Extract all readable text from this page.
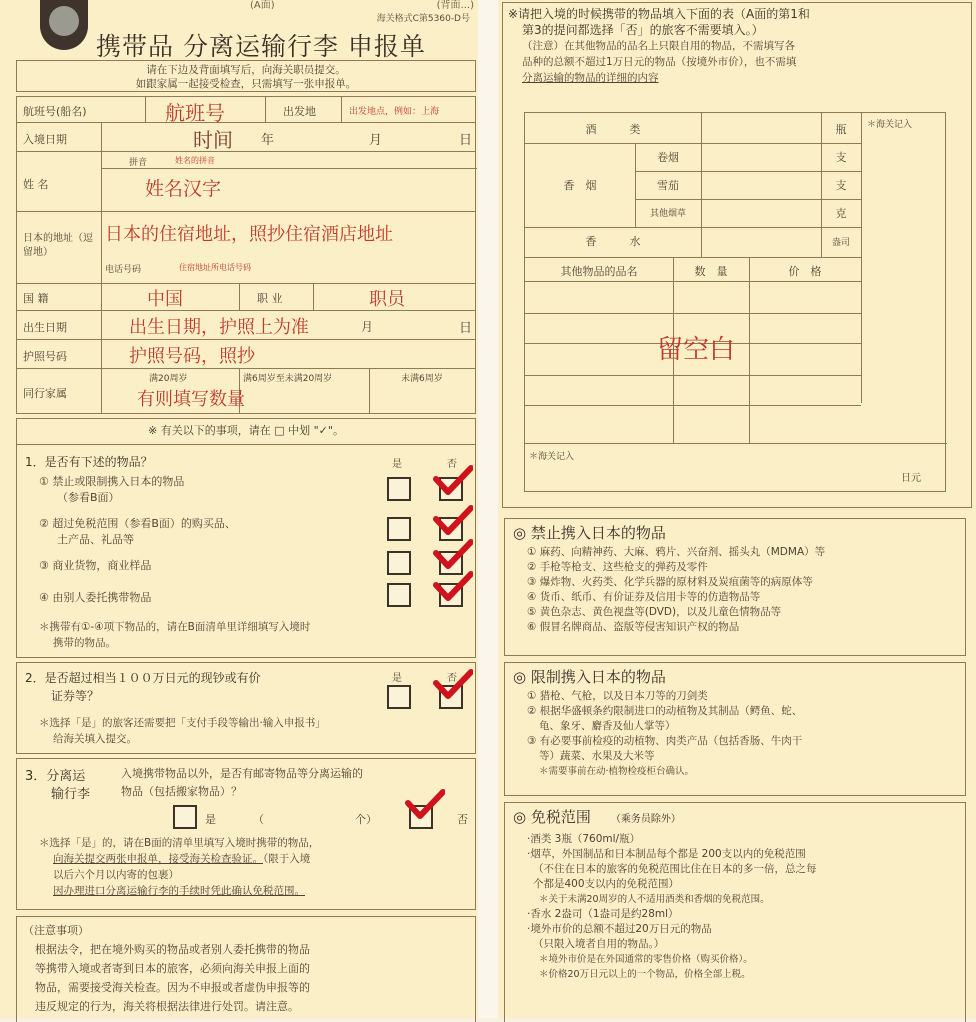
(A面)	(背面...)
海关格式C第5360-D号
携带品 分离运输行李 申报单
请在下边及背面填写后，向海关职员提交。
如跟家属一起接受检查，只需填写一张申报单。
航班号(船名)	航班号	出发地	出发地点，例如：上海
入境日期	时间 年	月	日
拼音	姓名的拼音
姓 名	姓名汉字
日本的地址（逗留地）
日本的住宿地址，照抄住宿酒店地址
电话号码	住宿地址所电话号码
国 籍	中国	职 业	职员
出生日期	出生日期，护照上为准	月	日
护照号码	护照号码，照抄
同行家属
满20周岁	满6周岁至未满20周岁	未满6周岁
有则填写数量
※ 有关以下的事项，请在 □ 中划 "✓"。
1．是否有下述的物品？	是	否
① 禁止或限制携入日本的物品
（参看B面）
② 超过免税范围（参看B面）的购买品、
土产品、礼品等
③ 商业货物，商业样品
④ 由别人委托携带物品
＊携带有①-④项下物品的，请在B面清单里详细填写入境时
携带的物品。
2．是否超过相当１００万日元的现钞或有价
证券等？
是	否
＊选择「是」的旅客还需要把「支付手段等输出·输入申报书」
给海关填入提交。
3．分离运
输行李
入境携带物品以外，是否有邮寄物品等分离运输的
物品（包括搬家物品）？
是	（	个）	否
＊选择「是」的，请在B面的清单里填写入境时携带的物品，
向海关提交两张申报单，接受海关检查验证。（限于入境
以后六个月以内寄的包裹）
因办理进口分离运输行李的手续时凭此确认免税范围。
（注意事项）
根据法令，把在境外购买的物品或者别人委托携带的物品
等携带入境或者寄到日本的旅客，必须向海关申报上面的
物品，需要接受海关检查。因为不申报或者虚伪申报等的
违反规定的行为，海关将根据法律进行处罚。请注意。
※请把入境的时候携带的物品填入下面的表（A面的第1和
第3的提问都选择「否」的旅客不需要填入。）
（注意）在其他物品的品名上只限自用的物品，不需填写各
品种的总额不超过1万日元的物品（按境外市价），也不需填
分离运输的物品的详细的内容
酒　　　类	瓶
香　烟
卷烟	支
雪茄	支
其他烟草	克
香　　　水	盎司
＊海关记入
其他物品的品名	数　量	价　格
留空白
＊海关记入
日元
◎ 禁止携入日本的物品
① 麻药、向精神药、大麻、鸦片、兴奋剂、摇头丸（MDMA）等
② 手枪等枪支、这些枪支的弹药及零件
③ 爆炸物、火药类、化学兵器的原材料及炭疽菌等的病原体等
④ 货币、纸币、有价证券及信用卡等的仿造物品等
⑤ 黄色杂志、黄色视盘等(DVD)，以及儿童色情物品等
⑥ 假冒名牌商品、盗版等侵害知识产权的物品
◎ 限制携入日本的物品
① 猎枪、气枪，以及日本刀等的刀剑类
② 根据华盛顿条约限制进口的动植物及其制品（鳄鱼、蛇、
龟、象牙、麝香及仙人掌等）
③ 有必要事前检疫的动植物、肉类产品（包括香肠、牛肉干
等）蔬菜、水果及大米等
＊需要事前在动·植物检疫柜台确认。
◎ 免税范围 （乘务员除外）
·酒类 3瓶（760ml/瓶）
·烟草，外国制品和日本制品每个都是 200支以内的免税范围
（不住在日本的旅客的免税范围比住在日本的多一倍，总之每
个都是400支以内的免税范围）
＊关于未满20周岁的人不适用酒类和香烟的免税范围。
·香水 2盎司（1盎司是约28ml）
·境外市价的总额不超过20万日元的物品
（只限入境者自用的物品。）
＊境外市价是在外国通常的零售价格（购买价格）。
＊价格20万日元以上的一个物品，价格全部上税。
